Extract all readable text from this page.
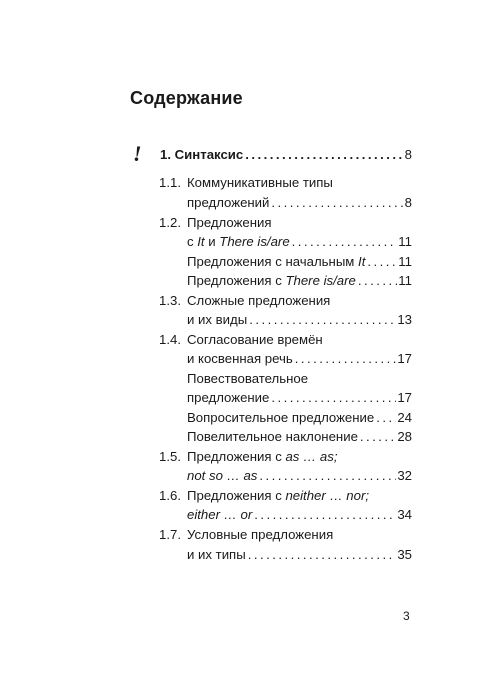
Содержание
! 1. Синтаксис . . .	8
1.1. Коммуникативные типы
предложений . . .	8
1.2. Предложения
с It и There is/are . . .	11
Предложения с начальным It . . . 11
Предложения с There is/are . . .	11
1.3. Сложные предложения
и их виды . . .	13
1.4. Согласование времён
и косвенная речь . . .	17
Повествовательное
предложение . . .	17
Вопросительное предложение . . . 24
Повелительное наклонение . . .	28
1.5. Предложения с as … as;
not so … as . . .	32
1.6. Предложения с neither … nor;
either … or . . .	34
1.7. Условные предложения
и их типы . . .	35
3
